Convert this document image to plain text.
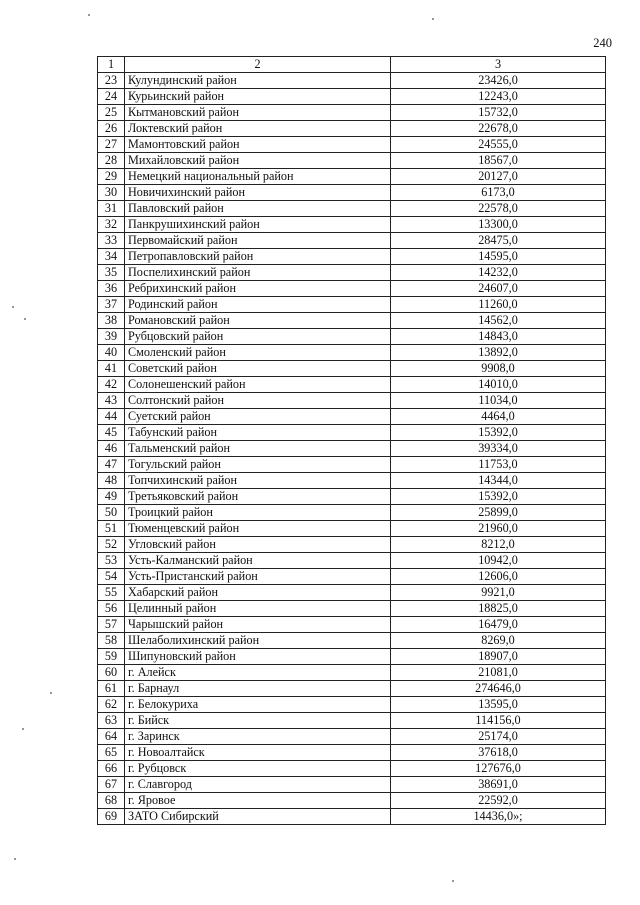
240
1	2	3
23	Кулундинский район	23426,0
24	Курьинский район	12243,0
25	Кытмановский район	15732,0
26	Локтевский район	22678,0
27	Мамонтовский район	24555,0
28	Михайловский район	18567,0
29	Немецкий национальный район	20127,0
30	Новичихинский район	6173,0
31	Павловский район	22578,0
32	Панкрушихинский район	13300,0
33	Первомайский район	28475,0
34	Петропавловский район	14595,0
35	Поспелихинский район	14232,0
36	Ребрихинский район	24607,0
37	Родинский район	11260,0
38	Романовский район	14562,0
39	Рубцовский район	14843,0
40	Смоленский район	13892,0
41	Советский район	9908,0
42	Солонешенский район	14010,0
43	Солтонский район	11034,0
44	Суетский район	4464,0
45	Табунский район	15392,0
46	Тальменский район	39334,0
47	Тогульский район	11753,0
48	Топчихинский район	14344,0
49	Третьяковский район	15392,0
50	Троицкий район	25899,0
51	Тюменцевский район	21960,0
52	Угловский район	8212,0
53	Усть-Калманский район	10942,0
54	Усть-Пристанский район	12606,0
55	Хабарский район	9921,0
56	Целинный район	18825,0
57	Чарышский район	16479,0
58	Шелаболихинский район	8269,0
59	Шипуновский район	18907,0
60	г. Алейск	21081,0
61	г. Барнаул	274646,0
62	г. Белокуриха	13595,0
63	г. Бийск	114156,0
64	г. Заринск	25174,0
65	г. Новоалтайск	37618,0
66	г. Рубцовск	127676,0
67	г. Славгород	38691,0
68	г. Яровое	22592,0
69	ЗАТО Сибирский	14436,0»;
